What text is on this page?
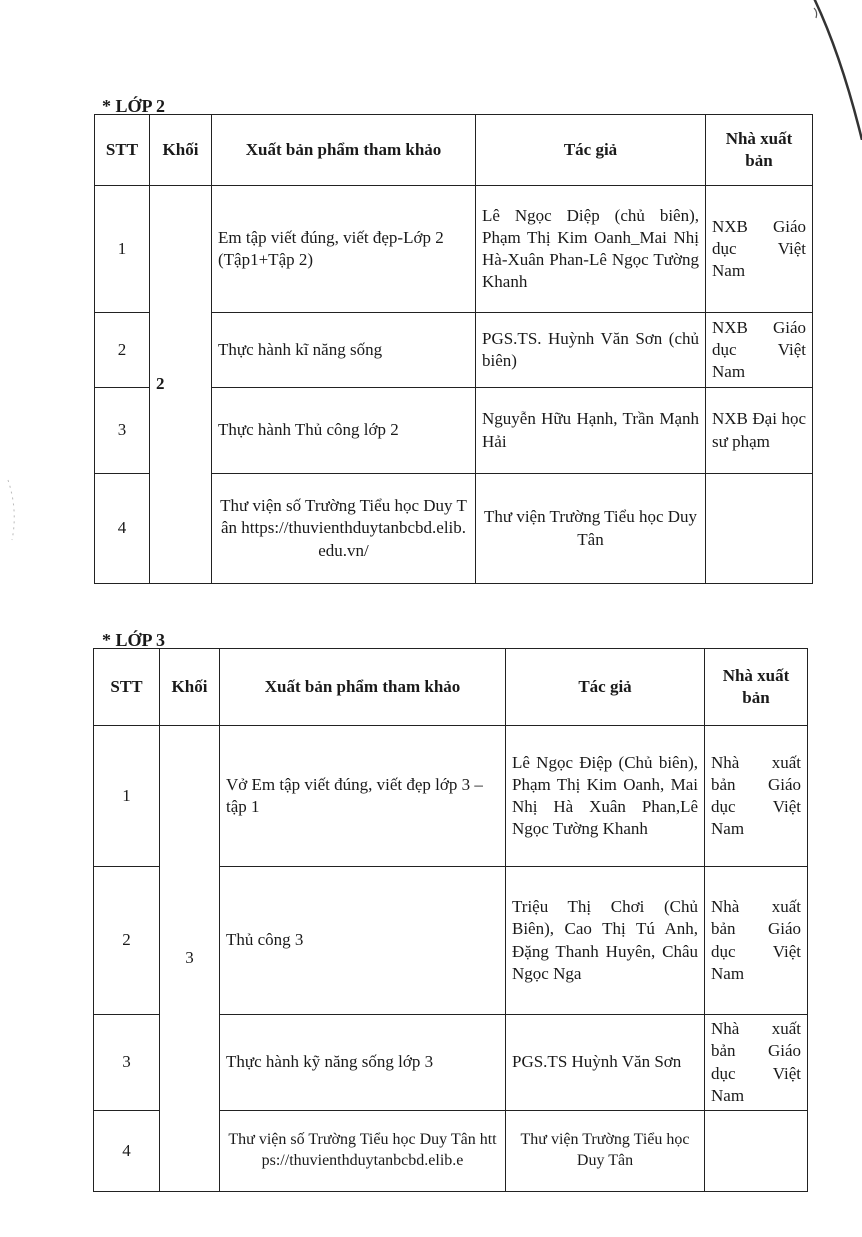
* LỚP 2
STT	Khối	Xuất bản phẩm tham khảo	Tác giả	Nhà xuất bản
1	2	Em tập viết đúng, viết đẹp-Lớp 2 (Tập1+Tập 2)	Lê Ngọc Diệp (chủ biên), Phạm Thị Kim Oanh_Mai Nhị Hà-Xuân Phan-Lê Ngọc Tường Khanh	NXB Giáo dục Việt Nam
2		Thực hành kĩ năng sống	PGS.TS. Huỳnh Văn Sơn (chủ biên)	NXB Giáo dục Việt Nam
3		Thực hành Thủ công lớp 2	Nguyễn Hữu Hạnh, Trần Mạnh Hải	NXB Đại học sư phạm
4		Thư viện số Trường Tiểu học Duy Tân https://thuvienthduytanbcbd.elib.edu.vn/	Thư viện Trường Tiểu học Duy Tân	
* LỚP 3
STT	Khối	Xuất bản phẩm tham khảo	Tác giả	Nhà xuất bản
1	3	Vở Em tập viết đúng, viết đẹp lớp 3 – tập 1	Lê Ngọc Điệp (Chủ biên), Phạm Thị Kim Oanh, Mai Nhị Hà Xuân Phan,Lê Ngọc Tường Khanh	Nhà xuất bản Giáo dục Việt Nam
2		Thủ công 3	Triệu Thị Chơi (Chủ Biên), Cao Thị Tú Anh, Đặng Thanh Huyên, Châu Ngọc Nga	Nhà xuất bản Giáo dục Việt Nam
3		Thực hành kỹ năng sống lớp 3	PGS.TS Huỳnh Văn Sơn	Nhà xuất bản Giáo dục Việt Nam
4		Thư viện số Trường Tiểu học Duy Tân https://thuvienthduytanbcbd.elib.e	Thư viện Trường Tiểu học Duy Tân	
